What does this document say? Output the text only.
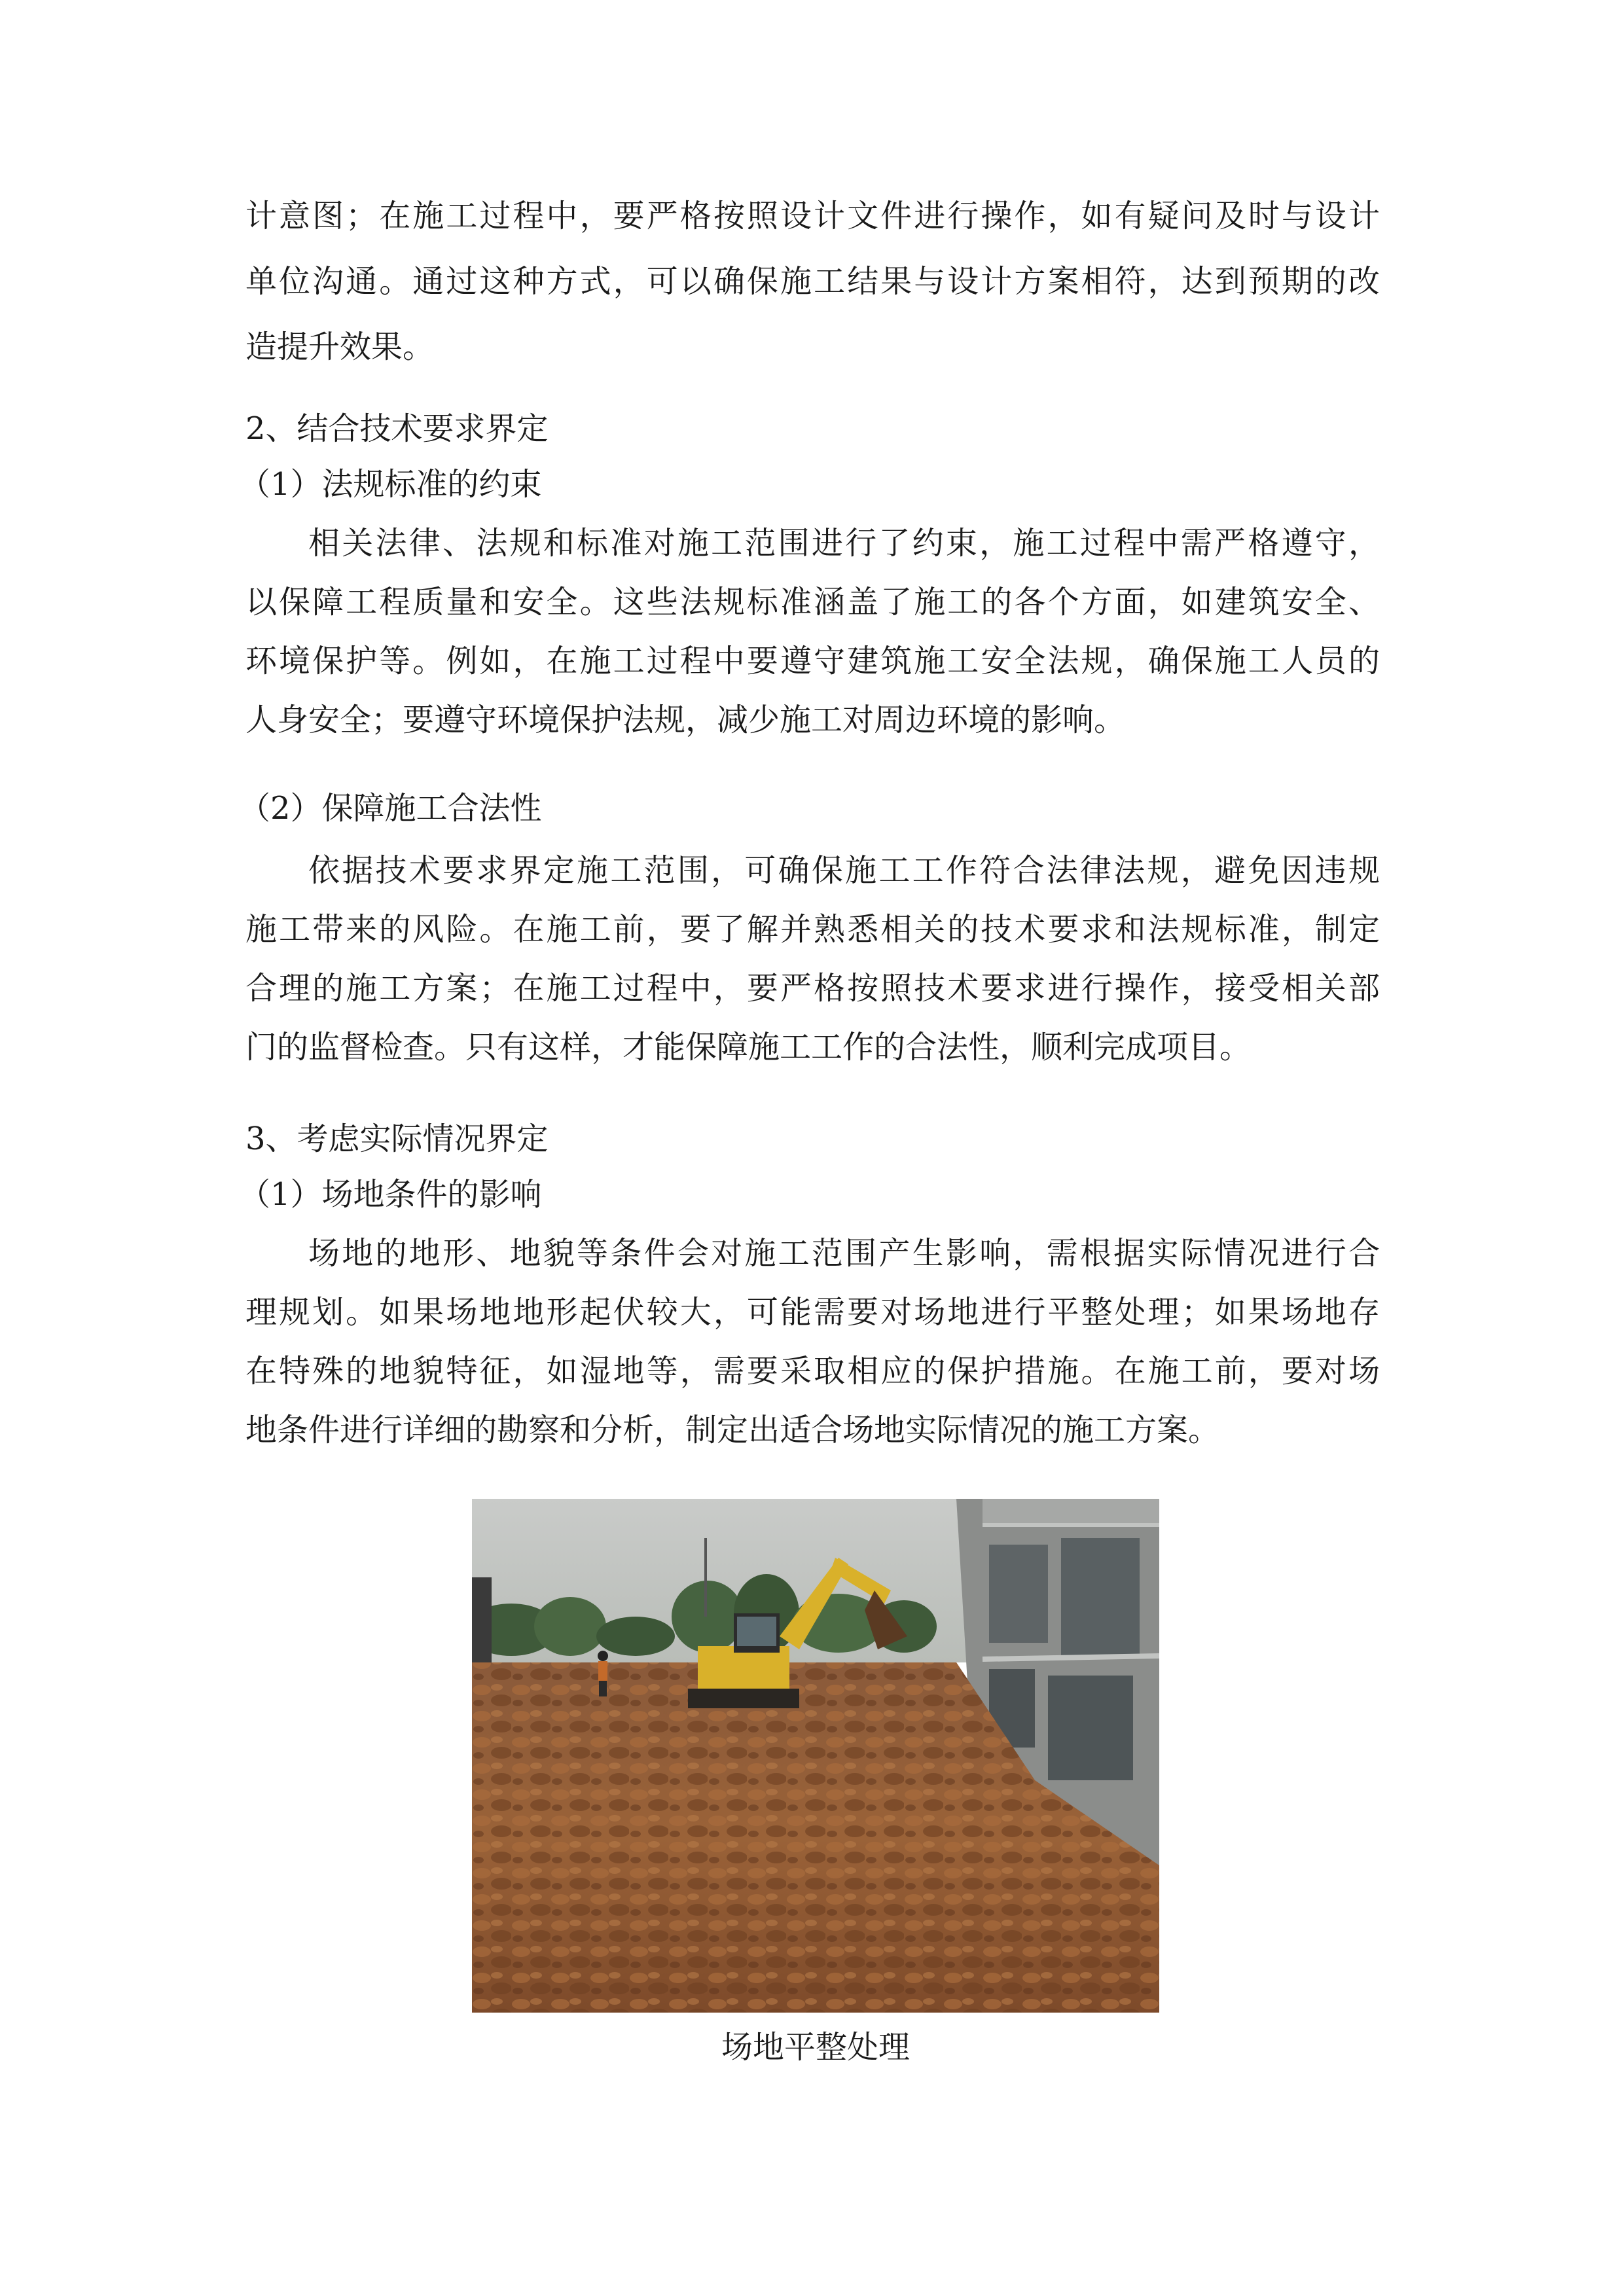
计意图；在施工过程中，要严格按照设计文件进行操作，如有疑问及时与设计
单位沟通。通过这种方式，可以确保施工结果与设计方案相符，达到预期的改
造提升效果。
2、结合技术要求界定
（1）法规标准的约束
相关法律、法规和标准对施工范围进行了约束，施工过程中需严格遵守，
以保障工程质量和安全。这些法规标准涵盖了施工的各个方面，如建筑安全、
环境保护等。例如，在施工过程中要遵守建筑施工安全法规，确保施工人员的
人身安全；要遵守环境保护法规，减少施工对周边环境的影响。
（2）保障施工合法性
依据技术要求界定施工范围，可确保施工工作符合法律法规，避免因违规
施工带来的风险。在施工前，要了解并熟悉相关的技术要求和法规标准，制定
合理的施工方案；在施工过程中，要严格按照技术要求进行操作，接受相关部
门的监督检查。只有这样，才能保障施工工作的合法性，顺利完成项目。
3、考虑实际情况界定
（1）场地条件的影响
场地的地形、地貌等条件会对施工范围产生影响，需根据实际情况进行合
理规划。如果场地地形起伏较大，可能需要对场地进行平整处理；如果场地存
在特殊的地貌特征，如湿地等，需要采取相应的保护措施。在施工前，要对场
地条件进行详细的勘察和分析，制定出适合场地实际情况的施工方案。
场地平整处理
